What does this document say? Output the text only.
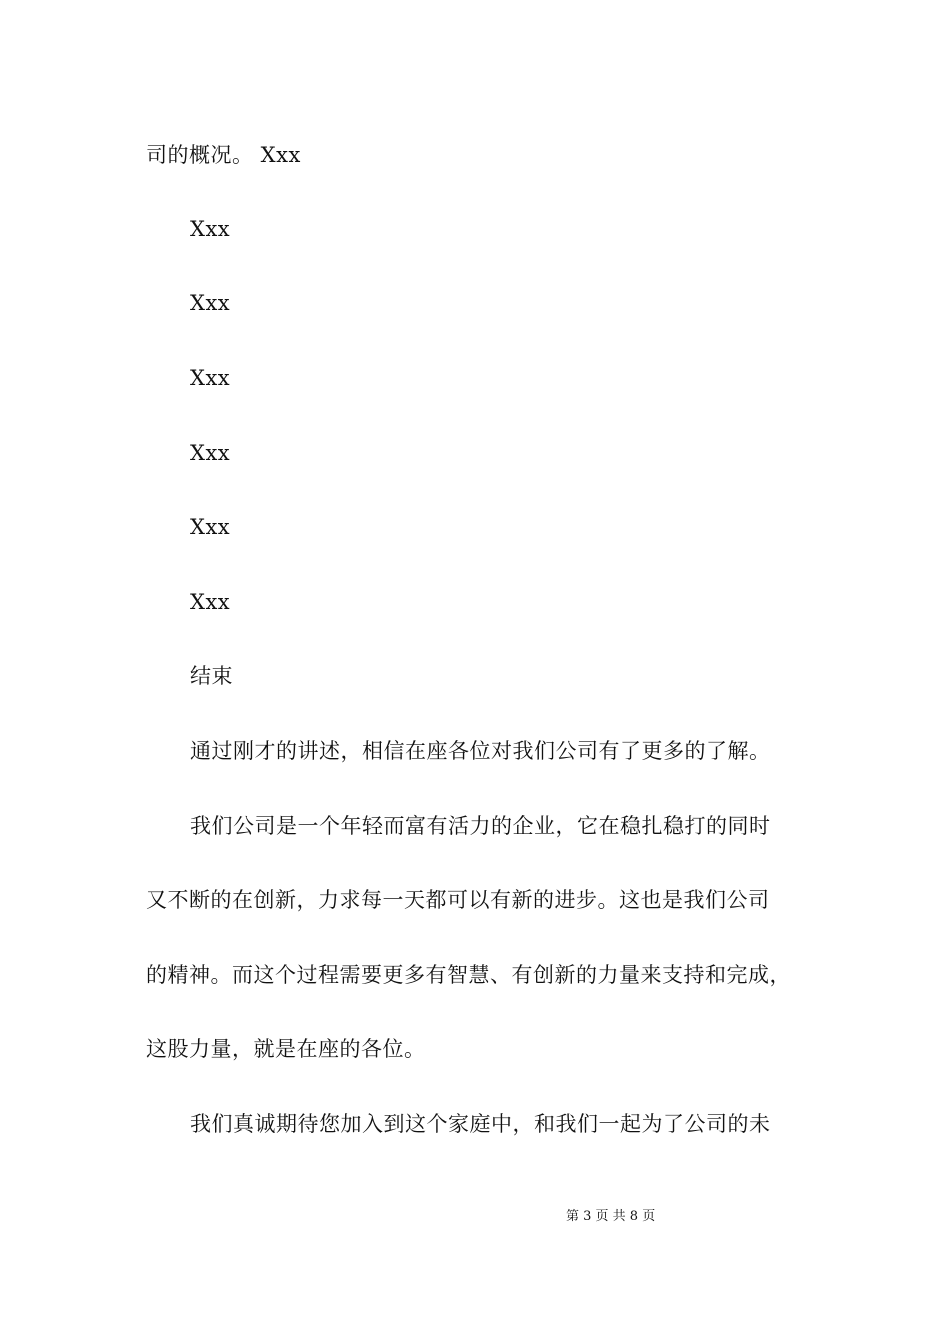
司的概况。 Xxx
Xxx
Xxx
Xxx
Xxx
Xxx
Xxx
结束
通过刚才的讲述，相信在座各位对我们公司有了更多的了解。
我们公司是一个年轻而富有活力的企业，它在稳扎稳打的同时
又不断的在创新，力求每一天都可以有新的进步。这也是我们公司
的精神。而这个过程需要更多有智慧、有创新的力量来支持和完成，
这股力量，就是在座的各位。
我们真诚期待您加入到这个家庭中，和我们一起为了公司的未
第 3 页 共 8 页
